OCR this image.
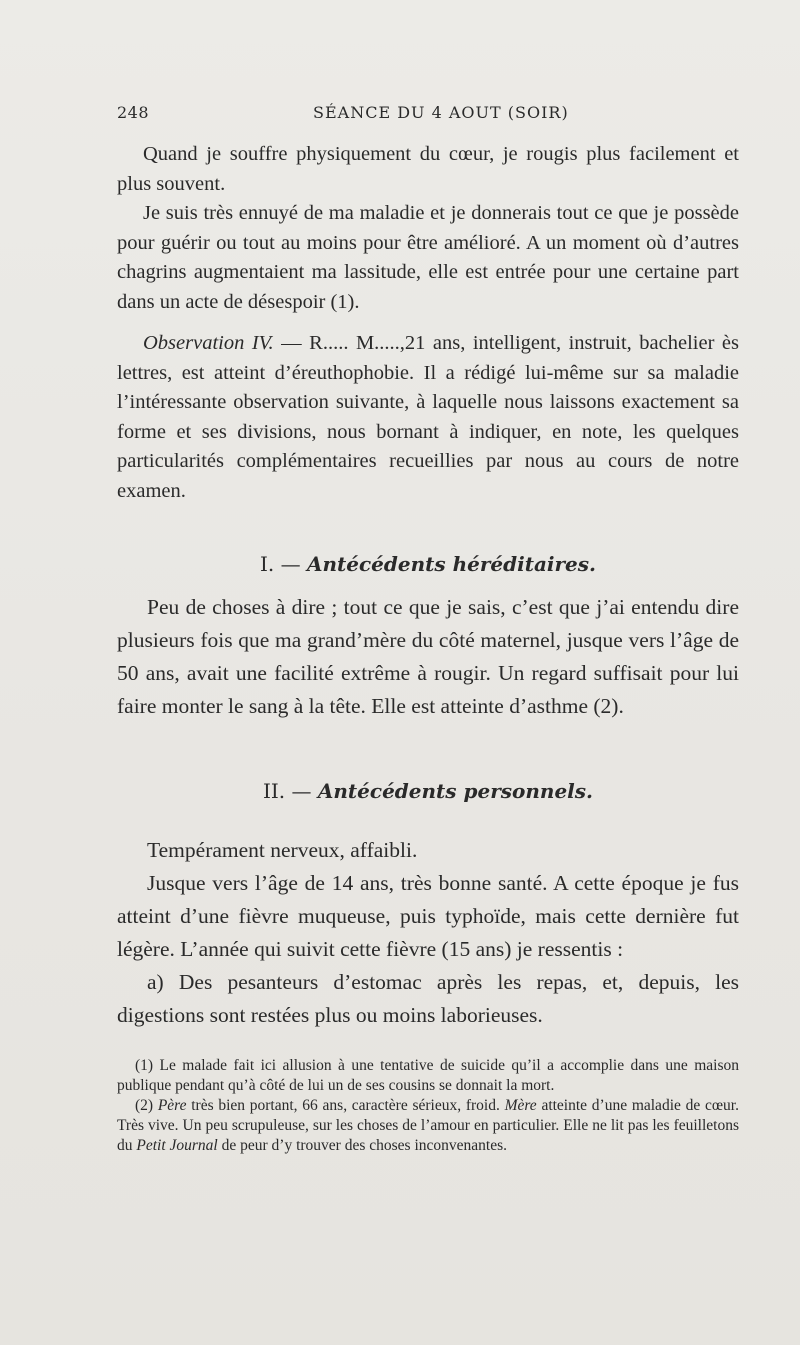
248	SÉANCE DU 4 AOUT (SOIR)

Quand je souffre physiquement du cœur, je rougis plus facilement et plus souvent.

Je suis très ennuyé de ma maladie et je donnerais tout ce que je possède pour guérir ou tout au moins pour être amélioré. A un moment où d’autres chagrins augmentaient ma lassitude, elle est entrée pour une certaine part dans un acte de désespoir (1).

Observation IV. — R..... M.....,21 ans, intelligent, instruit, bachelier ès lettres, est atteint d’éreuthophobie. Il a rédigé lui-même sur sa maladie l’intéressante observation suivante, à laquelle nous laissons exactement sa forme et ses divisions, nous bornant à indiquer, en note, les quelques particularités complémentaires recueillies par nous au cours de notre examen.

I. — Antécédents héréditaires.

Peu de choses à dire ; tout ce que je sais, c’est que j’ai entendu dire plusieurs fois que ma grand’mère du côté maternel, jusque vers l’âge de 50 ans, avait une facilité extrême à rougir. Un regard suffisait pour lui faire monter le sang à la tête. Elle est atteinte d’asthme (2).

II. — Antécédents personnels.

Tempérament nerveux, affaibli.

Jusque vers l’âge de 14 ans, très bonne santé. A cette époque je fus atteint d’une fièvre muqueuse, puis typhoïde, mais cette dernière fut légère. L’année qui suivit cette fièvre (15 ans) je ressentis :

a) Des pesanteurs d’estomac après les repas, et, depuis, les digestions sont restées plus ou moins laborieuses.

(1) Le malade fait ici allusion à une tentative de suicide qu’il a accomplie dans une maison publique pendant qu’à côté de lui un de ses cousins se donnait la mort.

(2) Père très bien portant, 66 ans, caractère sérieux, froid. Mère atteinte d’une maladie de cœur. Très vive. Un peu scrupuleuse, sur les choses de l’amour en particulier. Elle ne lit pas les feuilletons du Petit Journal de peur d’y trouver des choses inconvenantes.
